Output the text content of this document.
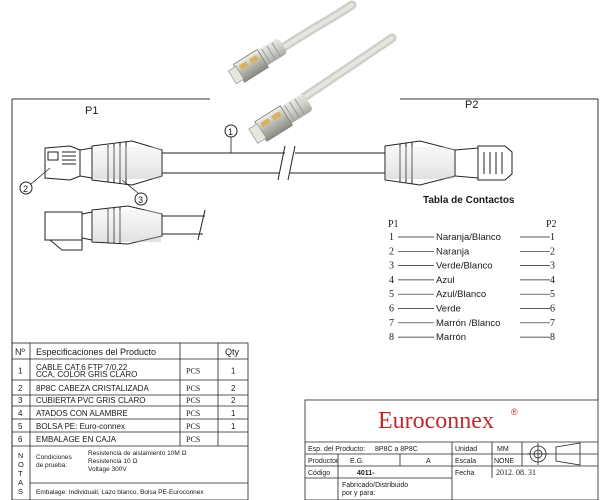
P1	P2
1
2
3	Tabla de Contactos
P1	P2
1	Naranja/Blanco	1
2	Naranja	2
3	Verde/Blanco	3
4	Azul	4
5	Azul/Blanco	5
6	Verde	6
7	Marrón /Blanco	7
8	Marrón	8
Nº Especificaciones del Producto	Qty
1 CABLE CAT.6 FTP 7/0,22
CCA, COLOR GRIS CLARO	PCS	1
2 8P8C CABEZA CRISTALIZADA	PCS	2
3 CUBIERTA PVC GRIS CLARO	PCS	2
4 ATADOS CON ALAMBRE	PCS	1
5 BOLSA PE: Euro-connex	PCS	1
6 EMBALAGE EN CAJA	PCS
N
O
T
A
S
Condiciones
de prueba:
Resistencia de aislamiento 10M Ω
Resistencia 10 Ω
Voltage 300V
Embalage: Individuall, Lazo blanco, Bolsa PE-Euroconnex
Euroconnex ®
Esp. del Producto: 8P8C a 8P8C	Unidad	MM
Productor E.G.	A	Escala	NONE
Código	4011-	Fecha	2012. 08. 31
Fabricado/Distribuido
por y para:
